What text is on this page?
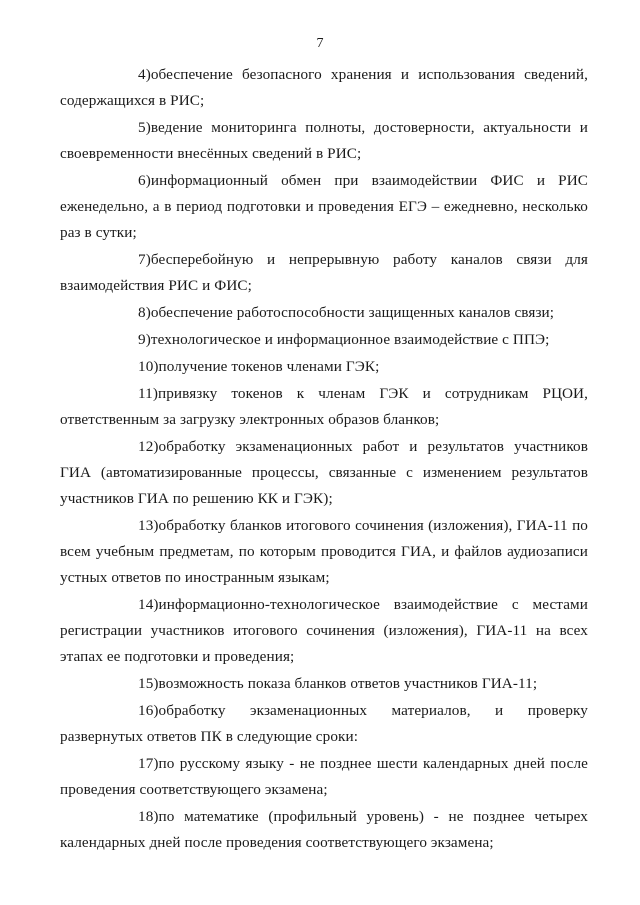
7

4)обеспечение безопасного хранения и использования сведений, содержащихся в РИС;

5)ведение мониторинга полноты, достоверности, актуальности и своевременности внесённых сведений в РИС;

6)информационный обмен при взаимодействии ФИС и РИС еженедельно, а в период подготовки и проведения ЕГЭ – ежедневно, несколько раз в сутки;

7)бесперебойную и непрерывную работу каналов связи для взаимодействия РИС и ФИС;

8)обеспечение работоспособности защищенных каналов связи;

9)технологическое и информационное взаимодействие с ППЭ;

10)получение токенов членами ГЭК;

11)привязку токенов к членам ГЭК и сотрудникам РЦОИ, ответственным за загрузку электронных образов бланков;

12)обработку экзаменационных работ и результатов участников ГИА (автоматизированные процессы, связанные с изменением результатов участников ГИА по решению КК и ГЭК);

13)обработку бланков итогового сочинения (изложения), ГИА-11 по всем учебным предметам, по которым проводится ГИА, и файлов аудиозаписи устных ответов по иностранным языкам;

14)информационно-технологическое взаимодействие с местами регистрации участников итогового сочинения (изложения), ГИА-11 на всех этапах ее подготовки и проведения;

15)возможность показа бланков ответов участников ГИА-11;

16)обработку экзаменационных материалов, и проверку развернутых ответов ПК в следующие сроки:

17)по русскому языку - не позднее шести календарных дней после проведения соответствующего экзамена;

18)по математике (профильный уровень) - не позднее четырех календарных дней после проведения соответствующего экзамена;
